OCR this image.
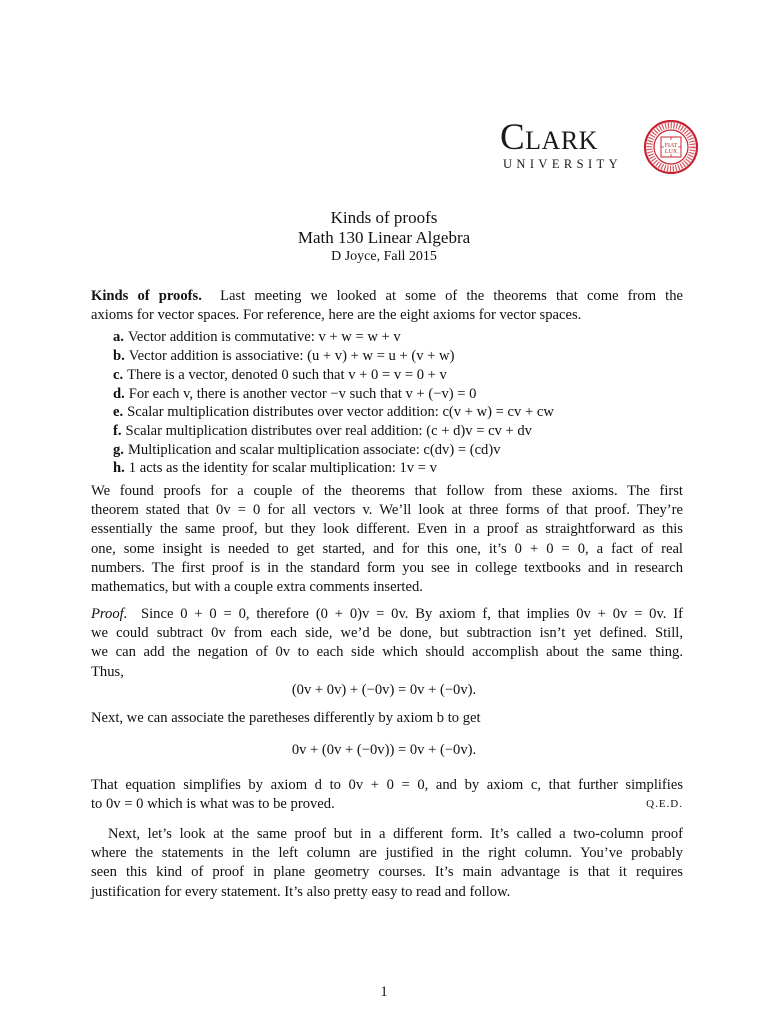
Clark
UNIVERSITY
FIAT
LUX
Kinds of proofs
Math 130 Linear Algebra
D Joyce, Fall 2015
Kinds of proofs. Last meeting we looked at some of the theorems that come from the
axioms for vector spaces. For reference, here are the eight axioms for vector spaces.
a. Vector addition is commutative: v + w = w + v
b. Vector addition is associative: (u + v) + w = u + (v + w)
c. There is a vector, denoted 0 such that v + 0 = v = 0 + v
d. For each v, there is another vector −v such that v + (−v) = 0
e. Scalar multiplication distributes over vector addition: c(v + w) = cv + cw
f. Scalar multiplication distributes over real addition: (c + d)v = cv + dv
g. Multiplication and scalar multiplication associate: c(dv) = (cd)v
h. 1 acts as the identity for scalar multiplication: 1v = v
We found proofs for a couple of the theorems that follow from these axioms. The first
theorem stated that 0v = 0 for all vectors v. We’ll look at three forms of that proof. They’re
essentially the same proof, but they look different. Even in a proof as straightforward as this
one, some insight is needed to get started, and for this one, it’s 0 + 0 = 0, a fact of real
numbers. The first proof is in the standard form you see in college textbooks and in research
mathematics, but with a couple extra comments inserted.
Proof. Since 0 + 0 = 0, therefore (0 + 0)v = 0v. By axiom f, that implies 0v + 0v = 0v. If
we could subtract 0v from each side, we’d be done, but subtraction isn’t yet defined. Still,
we can add the negation of 0v to each side which should accomplish about the same thing.
Thus,
(0v + 0v) + (−0v) = 0v + (−0v).
Next, we can associate the paretheses differently by axiom b to get
0v + (0v + (−0v)) = 0v + (−0v).
That equation simplifies by axiom d to 0v + 0 = 0, and by axiom c, that further simplifies
to 0v = 0 which is what was to be proved.	Q.E.D.
Next, let’s look at the same proof but in a different form. It’s called a two-column proof
where the statements in the left column are justified in the right column. You’ve probably
seen this kind of proof in plane geometry courses. It’s main advantage is that it requires
justification for every statement. It’s also pretty easy to read and follow.
1
